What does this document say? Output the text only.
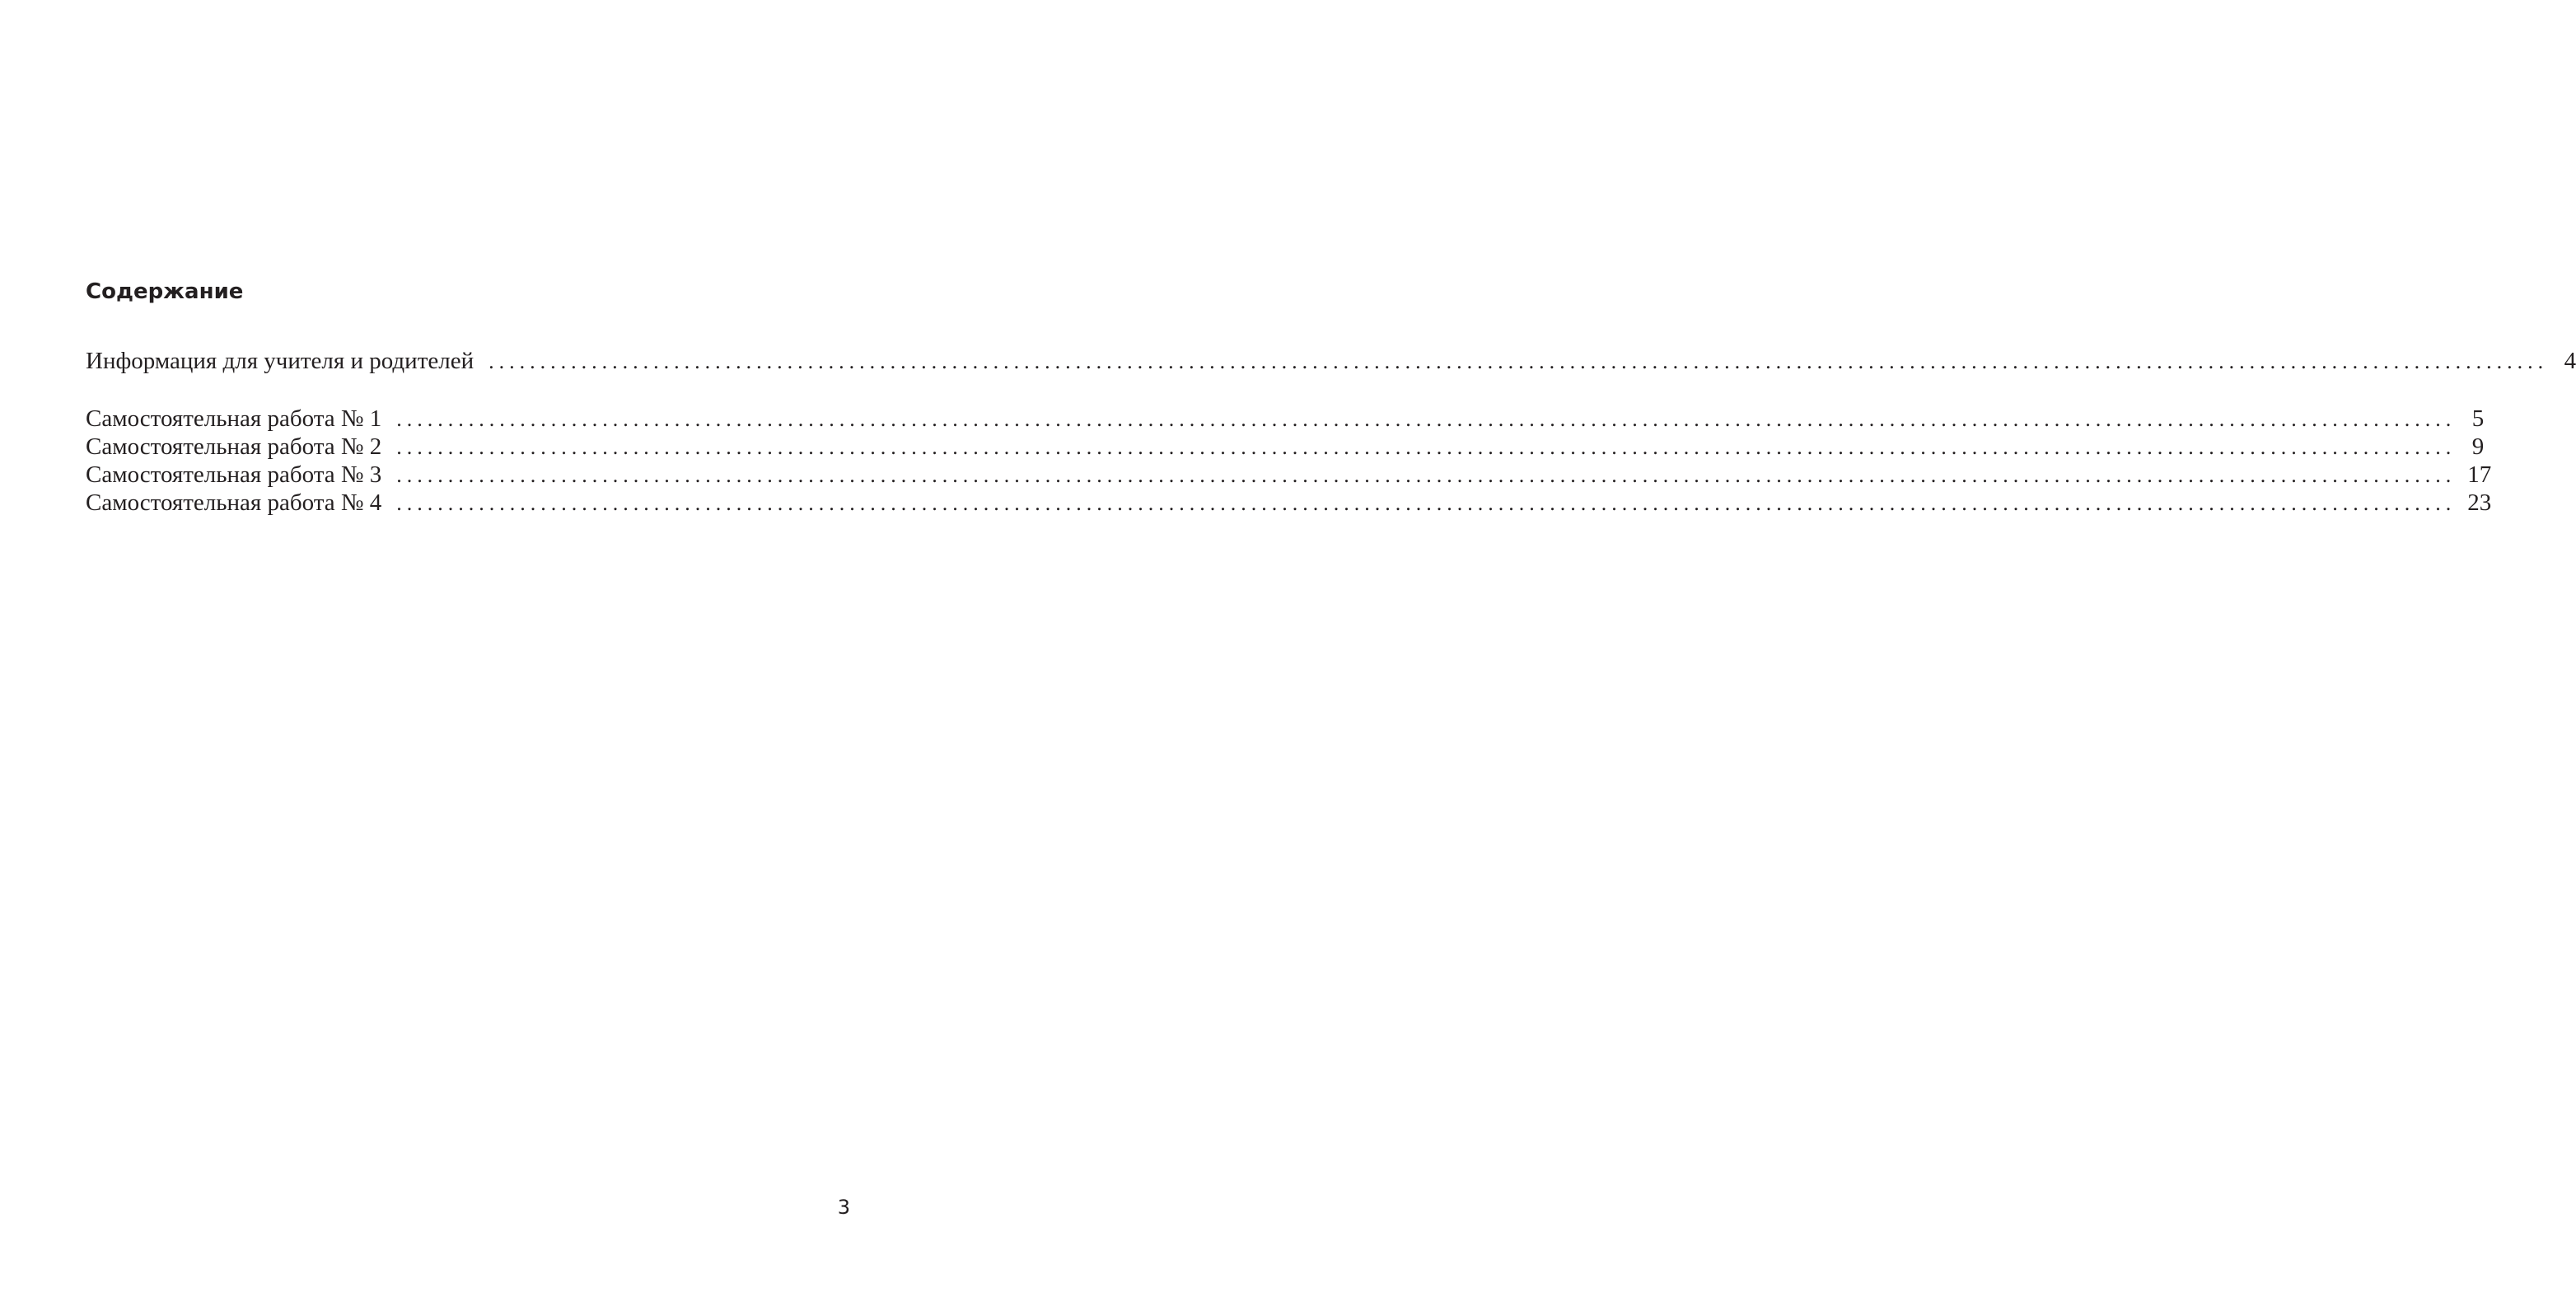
Содержание
Информация для учителя и родителей ........................................................................................................................................................................................................ 4
Самостоятельная работа № 1 ........................................................................................................................................................................................................ 5
Самостоятельная работа № 2 ........................................................................................................................................................................................................ 9
Самостоятельная работа № 3 ........................................................................................................................................................................................................ 17
Самостоятельная работа № 4 ........................................................................................................................................................................................................ 23
3
